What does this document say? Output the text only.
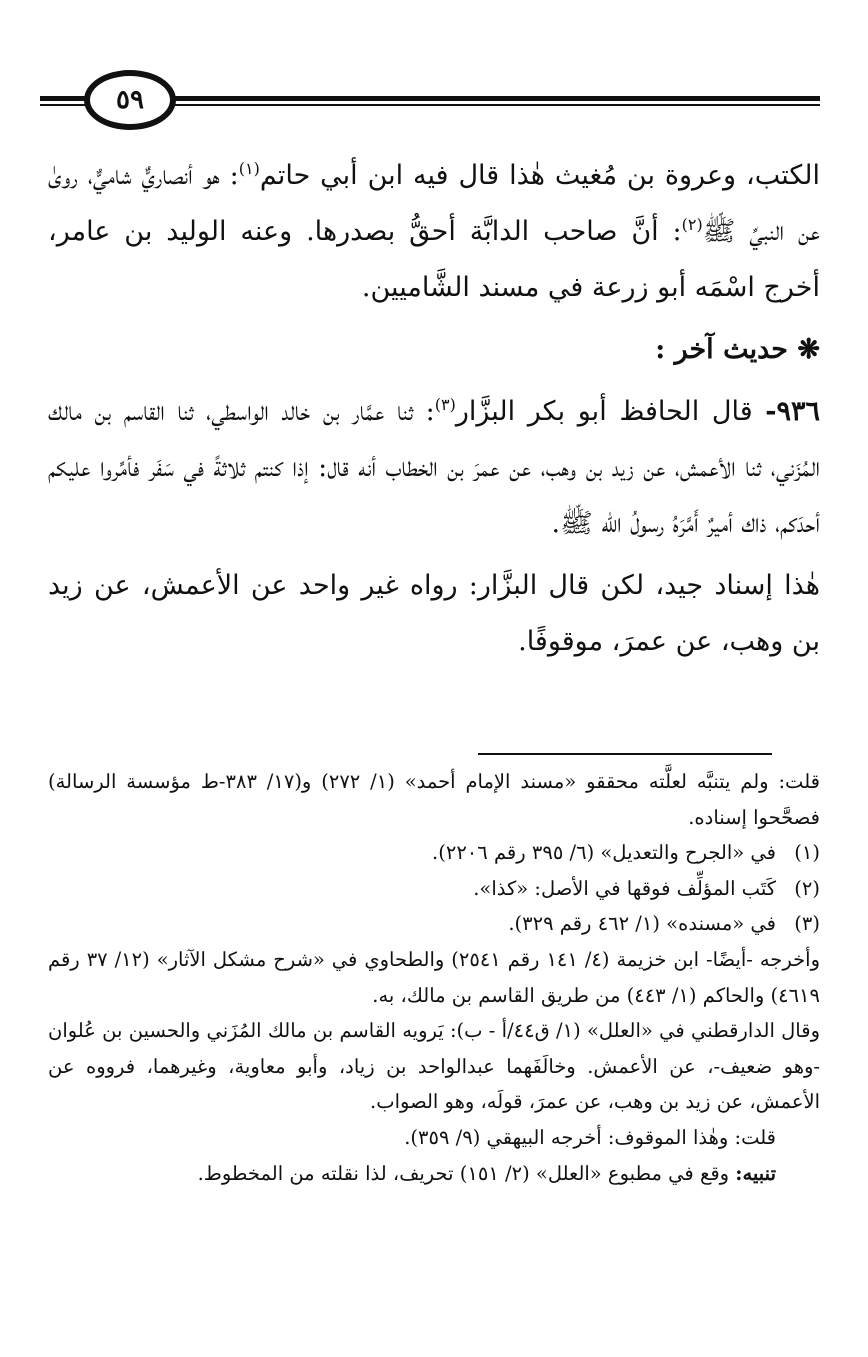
٥٩

الكتب، وعروة بن مُغيث هٰذا قال فيه ابن أبي حاتم$^{(١)}$: هو أنصاريٌّ شاميٌّ، رویٰ عن النبيِّ ﷺ$^{(٢)}$: أنَّ صاحب الدابَّة أحقُّ بصدرها. وعنه الوليد بن عامر، أخرج اسْمَه أبو زرعة في مسند الشَّاميين.

❋ حديث آخر :

٩٣٦- قال الحافظ أبو بكر البزَّار$^{(٣)}$: ثنا عمَّار بن خالد الواسطي، ثنا القاسم بن مالك المُزَني، ثنا الأعمش، عن زيد بن وهب، عن عمرَ بن الخطاب أنه قال: إذا كنتم ثلاثةً في سَفَر فأمِّروا عليكم أحدَكم، ذاك أميرٌ أَمَّرَهُ رسولُ الله ﷺ.

هٰذا إسناد جيد، لكن قال البزَّار: رواه غير واحد عن الأعمش، عن زيد بن وهب، عن عمرَ، موقوفًا.

قلت: ولم يتنبَّه لعلَّته محققو «مسند الإمام أحمد» (١/ ٢٧٢) و(١٧/ ٣٨٣-ط مؤسسة الرسالة) فصحَّحوا إسناده.

(١)
في «الجرح والتعديل» (٦/ ٣٩٥ رقم ٢٢٠٦).
(٢)
كَتَب المؤلِّف فوقها في الأصل: «كذا».
(٣)
في «مسنده» (١/ ٤٦٢ رقم ٣٢٩).

وأخرجه -أيضًا- ابن خزيمة (٤/ ١٤١ رقم ٢٥٤١) والطحاوي في «شرح مشكل الآثار» (١٢/ ٣٧ رقم ٤٦١٩) والحاكم (١/ ٤٤٣) من طريق القاسم بن مالك، به.

وقال الدارقطني في «العلل» (١/ ق٤٤/أ - ب): يَرويه القاسم بن مالك المُزَني والحسين بن عُلوان -وهو ضعيف-، عن الأعمش. وخالَفَهما عبدالواحد بن زياد، وأبو معاوية، وغيرهما، فرووه عن الأعمش، عن زيد بن وهب، عن عمرَ، قولَه، وهو الصواب.

قلت: وهٰذا الموقوف: أخرجه البيهقي (٩/ ٣٥٩).

تنبيه: وقع في مطبوع «العلل» (٢/ ١٥١) تحريف، لذا نقلته من المخطوط.
